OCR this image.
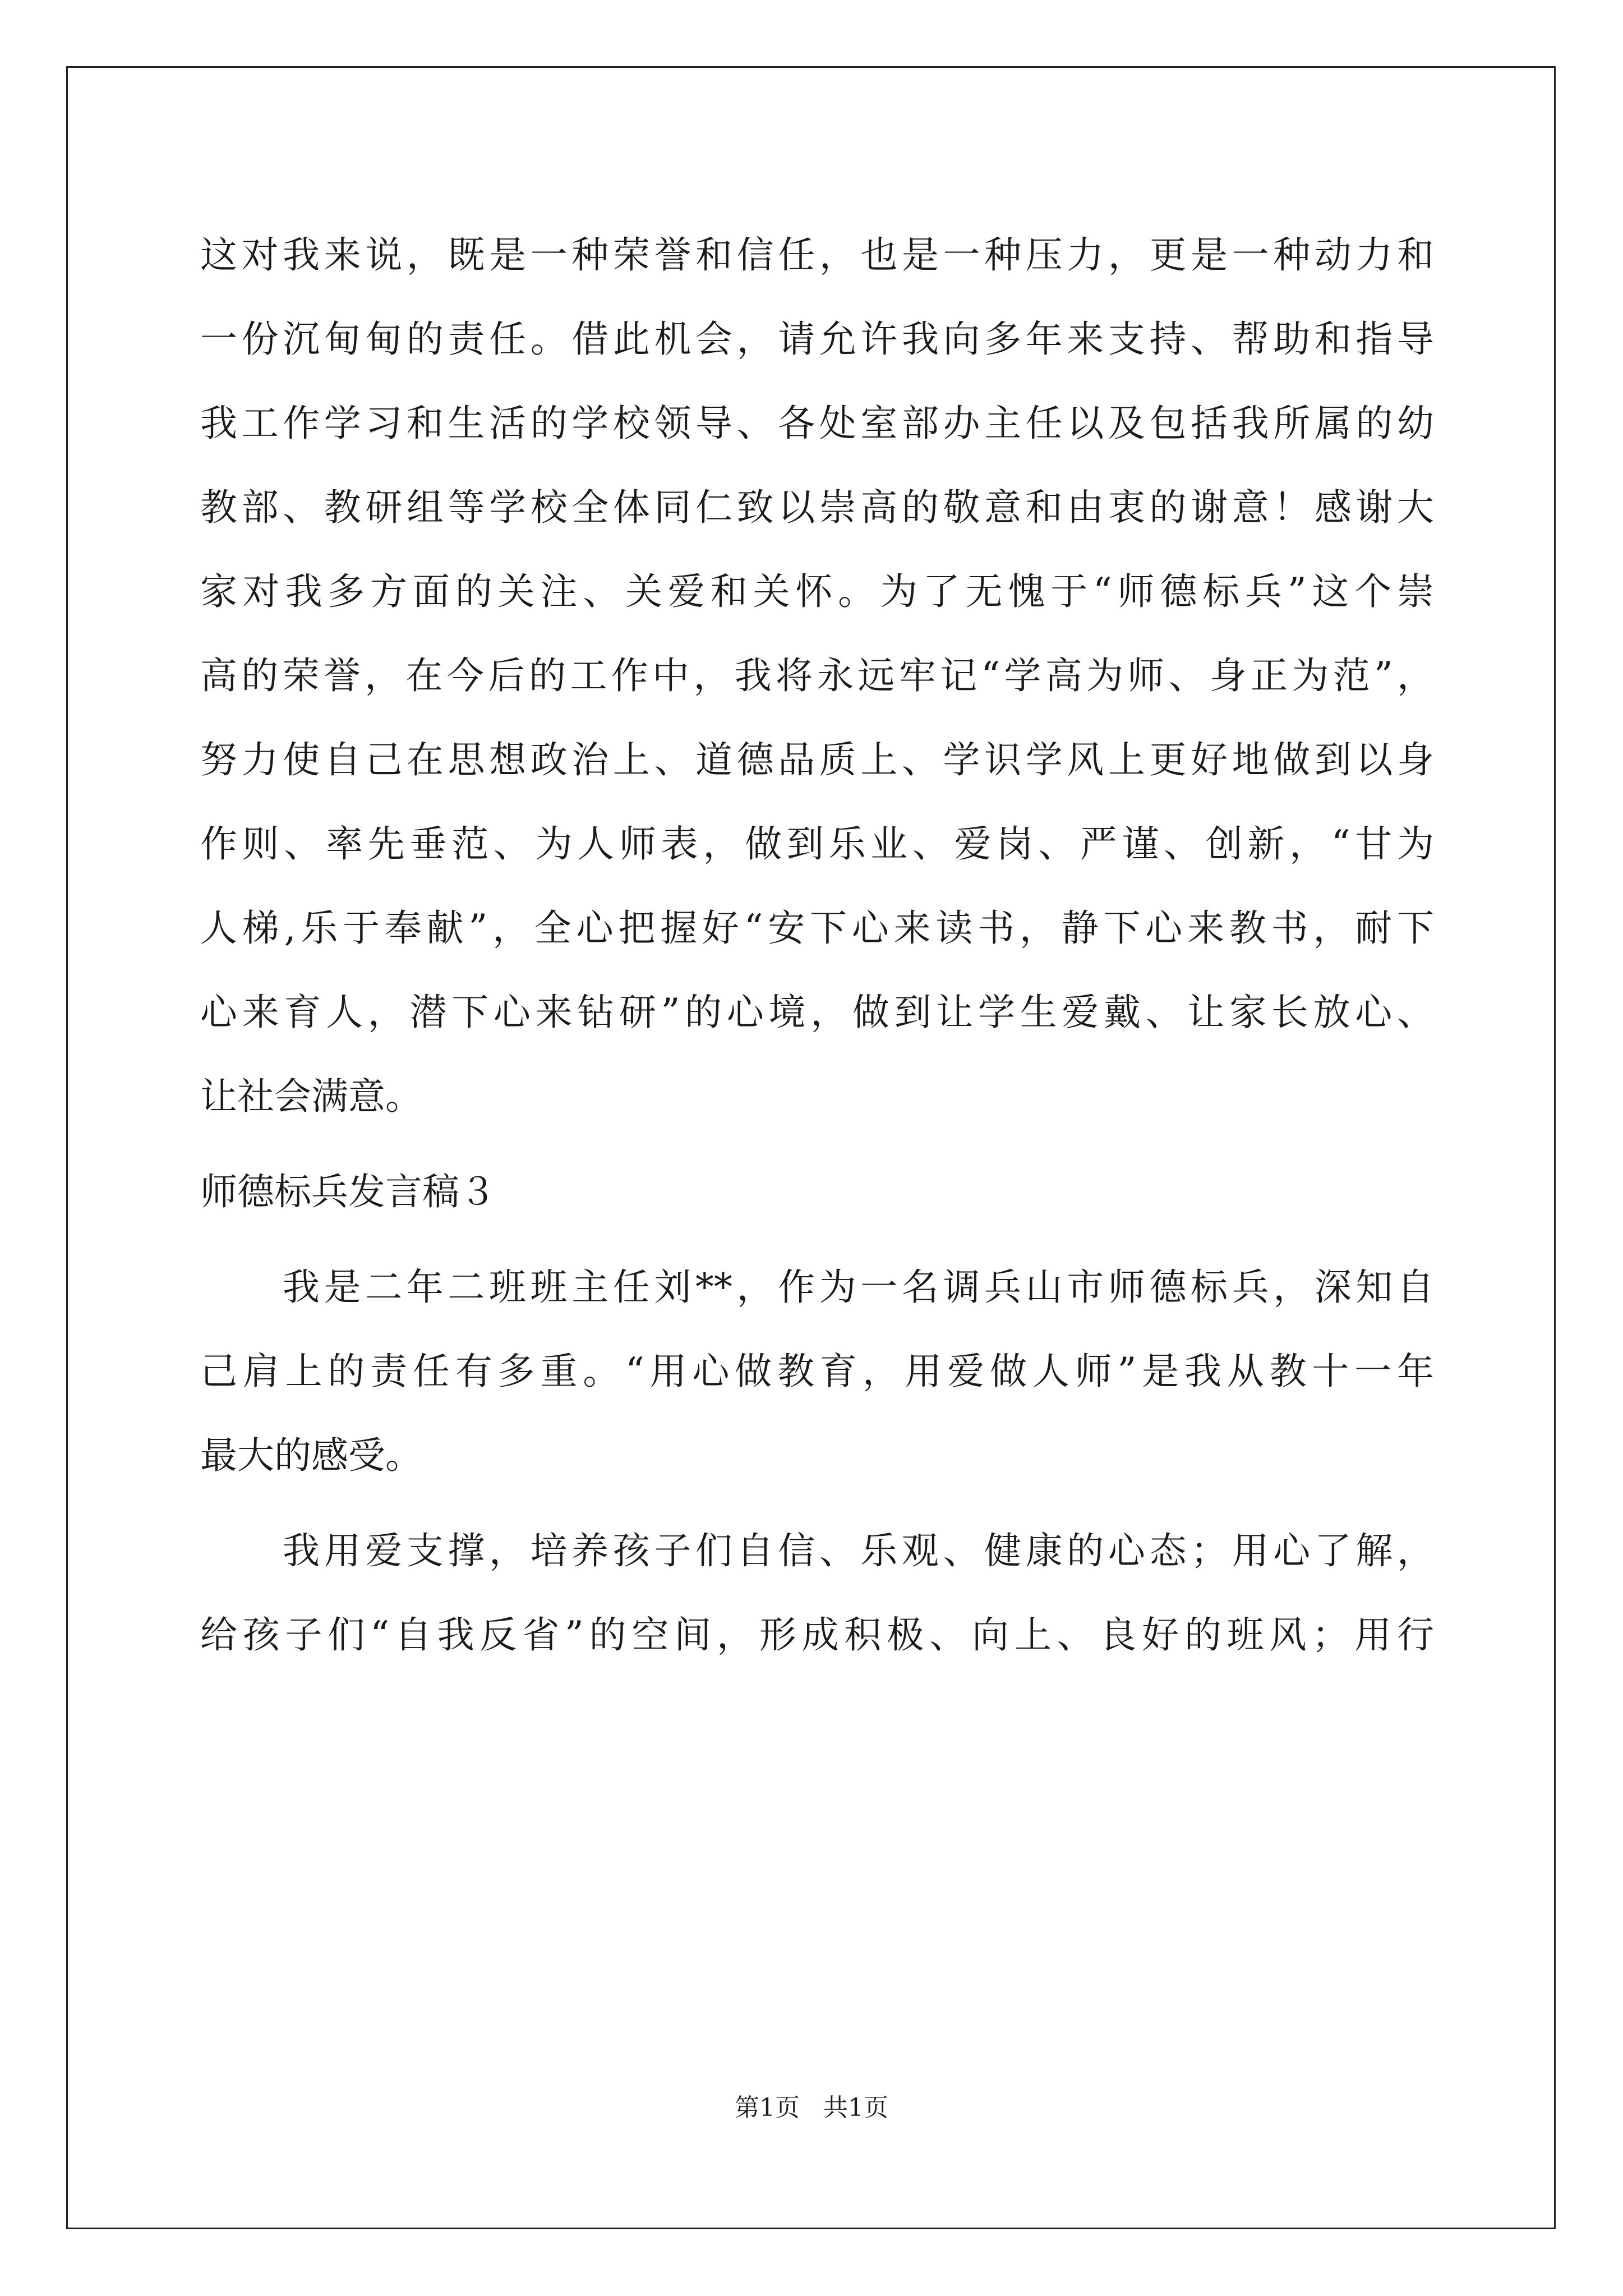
这对我来说，既是一种荣誉和信任，也是一种压力，更是一种动力和
一份沉甸甸的责任。借此机会，请允许我向多年来支持、帮助和指导
我工作学习和生活的学校领导、各处室部办主任以及包括我所属的幼
教部、教研组等学校全体同仁致以崇高的敬意和由衷的谢意！感谢大
家对我多方面的关注、关爱和关怀。为了无愧于“师德标兵”这个崇
高的荣誉，在今后的工作中，我将永远牢记“学高为师、身正为范”，
努力使自己在思想政治上、道德品质上、学识学风上更好地做到以身
作则、率先垂范、为人师表，做到乐业、爱岗、严谨、创新，“甘为
人梯,乐于奉献”，全心把握好“安下心来读书，静下心来教书，耐下
心来育人，潜下心来钻研”的心境，做到让学生爱戴、让家长放心、
让社会满意。
师德标兵发言稿３
我是二年二班班主任刘**，作为一名调兵山市师德标兵，深知自
己肩上的责任有多重。“用心做教育，用爱做人师”是我从教十一年
最大的感受。
我用爱支撑，培养孩子们自信、乐观、健康的心态；用心了解，
给孩子们“自我反省”的空间，形成积极、向上、良好的班风；用行
第1页 共1页
